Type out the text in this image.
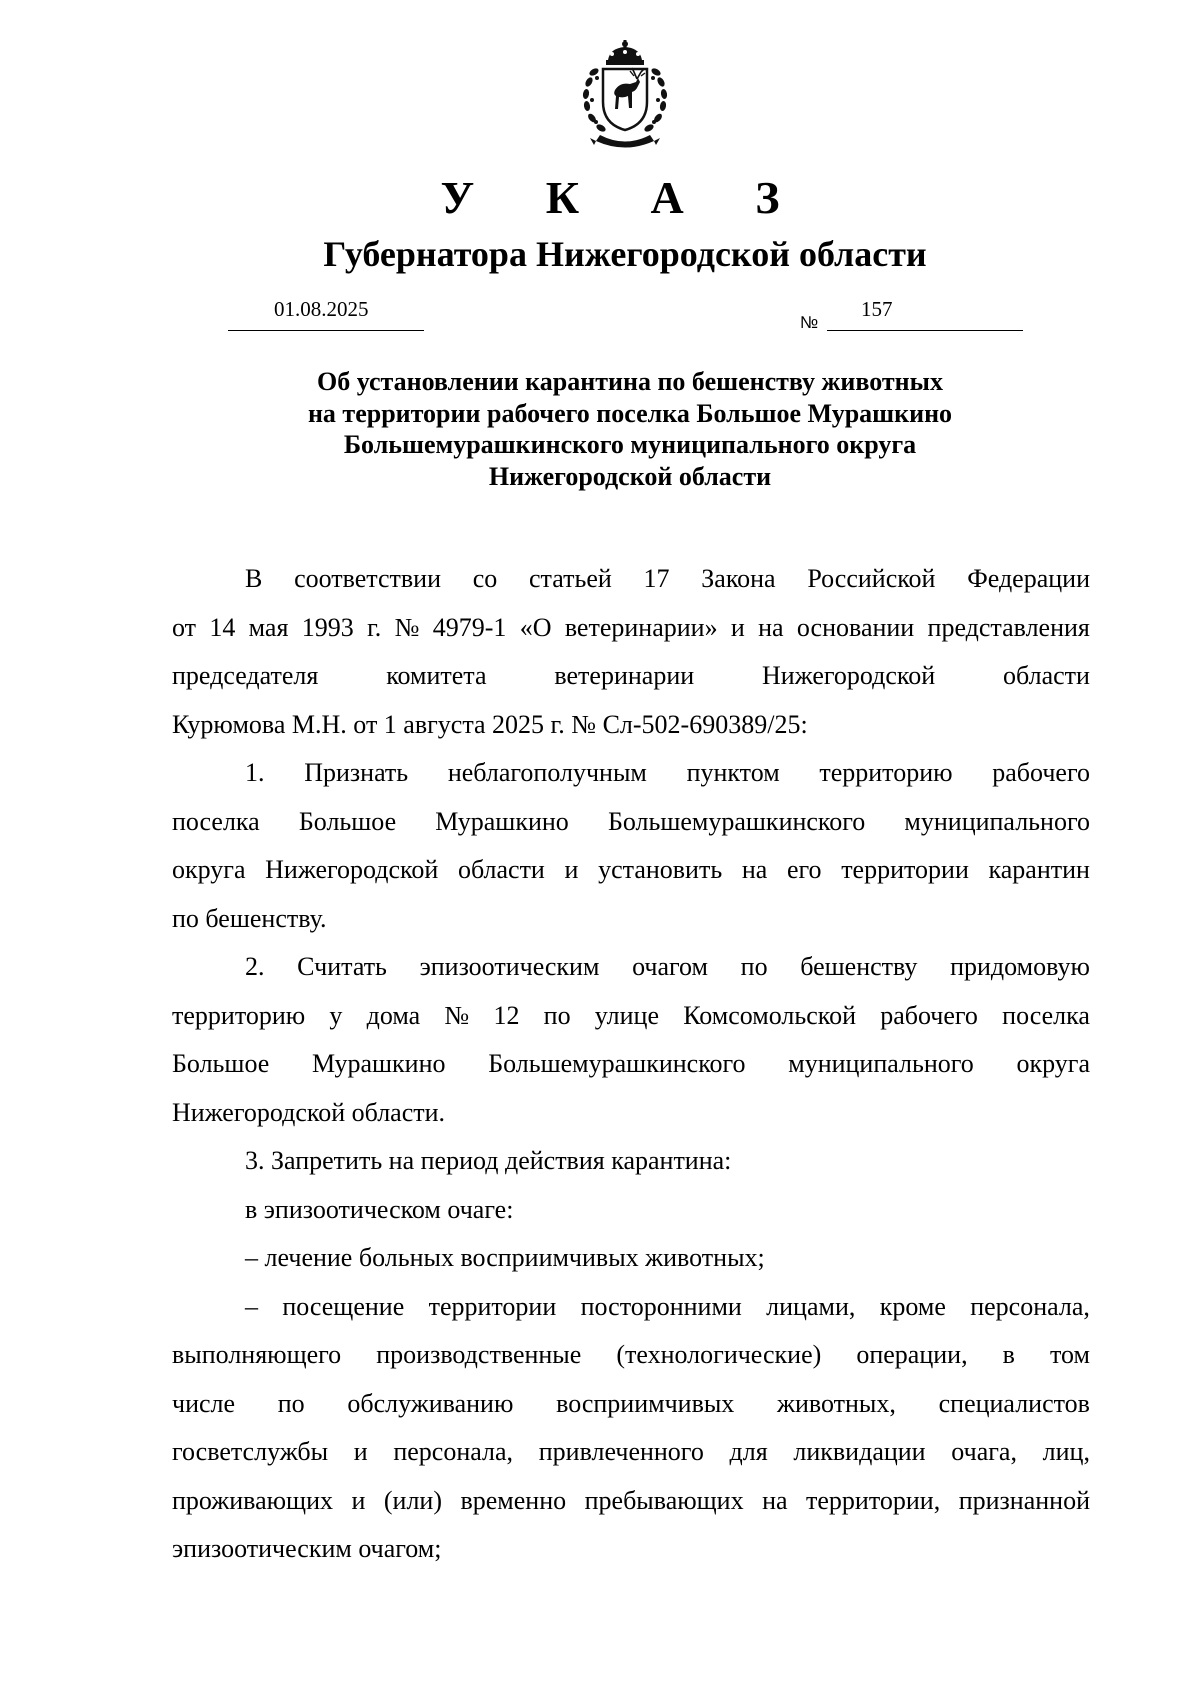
У К А З
Губернатора Нижегородской области
01.08.2025
№
157
Об установлении карантина по бешенству животных
на территории рабочего поселка Большое Мурашкино
Большемурашкинского муниципального округа
Нижегородской области
В соответствии со статьей 17 Закона Российской Федерации
от 14 мая 1993 г. № 4979-1 «О ветеринарии» и на основании представления
председателя	комитета	ветеринарии	Нижегородской	области
Курюмова М.Н. от 1 августа 2025 г. № Сл-502-690389/25:
1. Признать неблагополучным пунктом территорию рабочего
поселка Большое Мурашкино Большемурашкинского муниципального
округа Нижегородской области и установить на его территории карантин
по бешенству.
2. Считать эпизоотическим очагом по бешенству придомовую
территорию у дома № 12 по улице Комсомольской рабочего поселка
Большое Мурашкино Большемурашкинского муниципального округа
Нижегородской области.
3. Запретить на период действия карантина:
в эпизоотическом очаге:
– лечение больных восприимчивых животных;
– посещение территории посторонними лицами, кроме персонала,
выполняющего производственные (технологические) операции, в том
числе по обслуживанию восприимчивых животных, специалистов
госветслужбы и персонала, привлеченного для ликвидации очага, лиц,
проживающих и (или) временно пребывающих на территории, признанной
эпизоотическим очагом;
